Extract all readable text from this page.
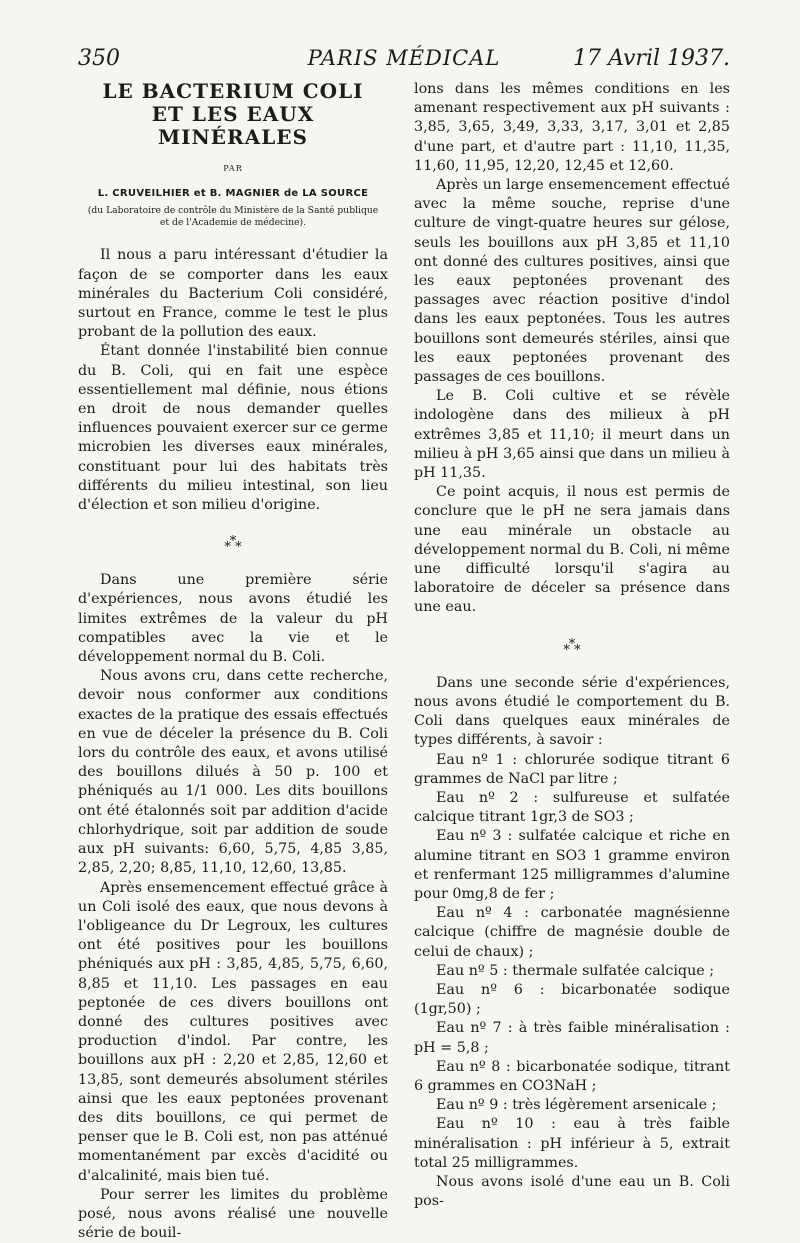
350	PARIS MÉDICAL	17 Avril 1937.
LE BACTERIUM COLI
ET LES EAUX MINÉRALES
PAR
L. CRUVEILHIER et B. MAGNIER de LA SOURCE
(du Laboratoire de contrôle du Ministère de la Santé publique
et de l'Academie de médecine).

Il nous a paru intéressant d'étudier la façon de se comporter dans les eaux minérales du Bacterium Coli considéré, surtout en France, comme le test le plus probant de la pollution des eaux.

Étant donnée l'instabilité bien connue du B. Coli, qui en fait une espèce essentiellement mal définie, nous étions en droit de nous demander quelles influences pouvaient exercer sur ce germe microbien les diverses eaux minérales, constituant pour lui des habitats très différents du milieu intestinal, son lieu d'élection et son milieu d'origine.

*
* *

Dans une première série d'expériences, nous avons étudié les limites extrêmes de la valeur du pH compatibles avec la vie et le développement normal du B. Coli.

Nous avons cru, dans cette recherche, devoir nous conformer aux conditions exactes de la pratique des essais effectués en vue de déceler la présence du B. Coli lors du contrôle des eaux, et avons utilisé des bouillons dilués à 50 p. 100 et phéniqués au 1/1 000. Les dits bouillons ont été étalonnés soit par addition d'acide chlorhydrique, soit par addition de soude aux pH suivants: 6,60, 5,75, 4,85 3,85, 2,85, 2,20; 8,85, 11,10, 12,60, 13,85.

Après ensemencement effectué grâce à un Coli isolé des eaux, que nous devons à l'obligeance du Dr Legroux, les cultures ont été positives pour les bouillons phéniqués aux pH : 3,85, 4,85, 5,75, 6,60, 8,85 et 11,10. Les passages en eau peptonée de ces divers bouillons ont donné des cultures positives avec production d'indol. Par contre, les bouillons aux pH : 2,20 et 2,85, 12,60 et 13,85, sont demeurés absolument stériles ainsi que les eaux peptonées provenant des dits bouillons, ce qui permet de penser que le B. Coli est, non pas atténué momentanément par excès d'acidité ou d'alcalinité, mais bien tué.

Pour serrer les limites du problème posé, nous avons réalisé une nouvelle série de bouil-

lons dans les mêmes conditions en les amenant respectivement aux pH suivants : 3,85, 3,65, 3,49, 3,33, 3,17, 3,01 et 2,85 d'une part, et d'autre part : 11,10, 11,35, 11,60, 11,95, 12,20, 12,45 et 12,60.

Après un large ensemencement effectué avec la même souche, reprise d'une culture de vingt-quatre heures sur gélose, seuls les bouillons aux pH 3,85 et 11,10 ont donné des cultures positives, ainsi que les eaux peptonées provenant des passages avec réaction positive d'indol dans les eaux peptonées. Tous les autres bouillons sont demeurés stériles, ainsi que les eaux peptonées provenant des passages de ces bouillons.

Le B. Coli cultive et se révèle indologène dans des milieux à pH extrêmes 3,85 et 11,10; il meurt dans un milieu à pH 3,65 ainsi que dans un milieu à pH 11,35.

Ce point acquis, il nous est permis de conclure que le pH ne sera jamais dans une eau minérale un obstacle au développement normal du B. Coli, ni même une difficulté lorsqu'il s'agira au laboratoire de déceler sa présence dans une eau.

*
* *

Dans une seconde série d'expériences, nous avons étudié le comportement du B. Coli dans quelques eaux minérales de types différents, à savoir :

Eau nº 1 : chlorurée sodique titrant 6 grammes de NaCl par litre ;

Eau nº 2 : sulfureuse et sulfatée calcique titrant 1gr,3 de SO3 ;

Eau nº 3 : sulfatée calcique et riche en alumine titrant en SO3 1 gramme environ et renfermant 125 milligrammes d'alumine pour 0mg,8 de fer ;

Eau nº 4 : carbonatée magnésienne calcique (chiffre de magnésie double de celui de chaux) ;

Eau nº 5 : thermale sulfatée calcique ;

Eau nº 6 : bicarbonatée sodique (1gr,50) ;

Eau nº 7 : à très faible minéralisation : pH = 5,8 ;

Eau nº 8 : bicarbonatée sodique, titrant 6 grammes en CO3NaH ;

Eau nº 9 : très légèrement arsenicale ;

Eau nº 10 : eau à très faible minéralisation : pH inférieur à 5, extrait total 25 milligrammes.

Nous avons isolé d'une eau un B. Coli pos-
